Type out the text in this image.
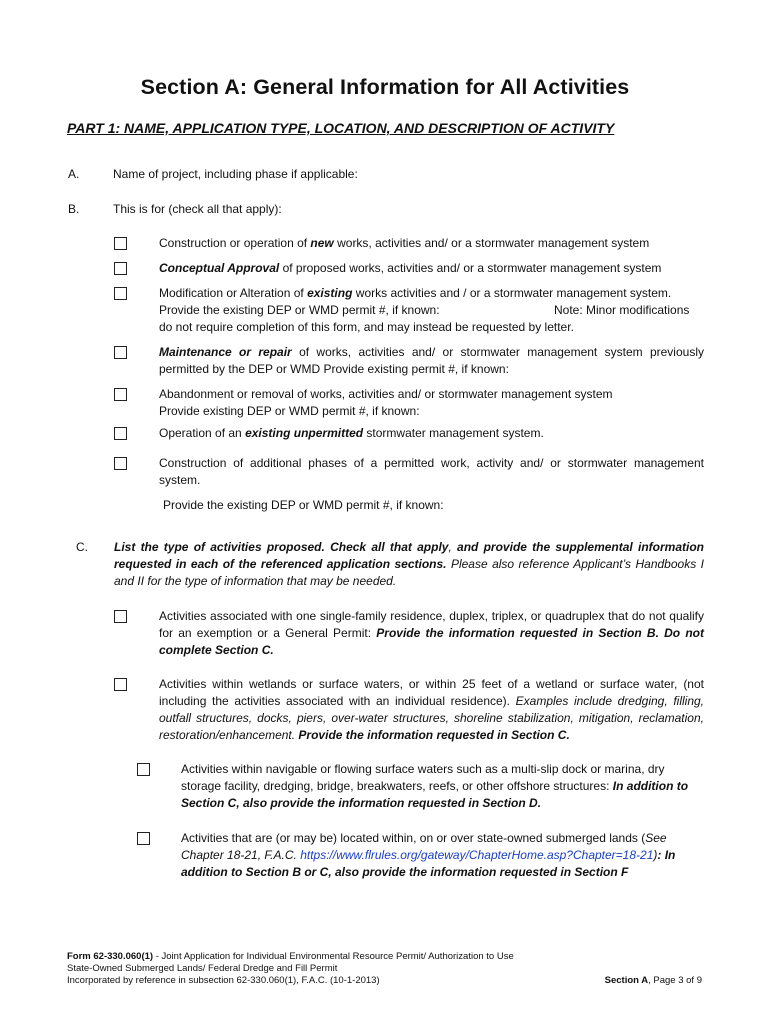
Section A: General Information for All Activities
PART 1: NAME, APPLICATION TYPE, LOCATION, AND DESCRIPTION OF ACTIVITY
A.	Name of project, including phase if applicable:
B.	This is for (check all that apply):
Construction or operation of new works, activities and/ or a stormwater management system
Conceptual Approval of proposed works, activities and/ or a stormwater management system
Modification or Alteration of existing works activities and / or a stormwater management system.
Provide the existing DEP or WMD permit #, if known:	Note: Minor modifications
do not require completion of this form, and may instead be requested by letter.
Maintenance or repair of works, activities and/ or stormwater management system previously
permitted by the DEP or WMD Provide existing permit #, if known:
Abandonment or removal of works, activities and/ or stormwater management system
Provide existing DEP or WMD permit #, if known:
Operation of an existing unpermitted stormwater management system.
Construction of additional phases of a permitted work, activity and/ or stormwater management
system.
Provide the existing DEP or WMD permit #, if known:
C. List the type of activities proposed. Check all that apply, and provide the supplemental information requested in each of the referenced application sections. Please also reference Applicant’s Handbooks I and II for the type of information that may be needed.
Activities associated with one single-family residence, duplex, triplex, or quadruplex that do not qualify for an exemption or a General Permit: Provide the information requested in Section B. Do not complete Section C.
Activities within wetlands or surface waters, or within 25 feet of a wetland or surface water, (not including the activities associated with an individual residence). Examples include dredging, filling, outfall structures, docks, piers, over-water structures, shoreline stabilization, mitigation, reclamation, restoration/enhancement. Provide the information requested in Section C.
Activities within navigable or flowing surface waters such as a multi-slip dock or marina, dry storage facility, dredging, bridge, breakwaters, reefs, or other offshore structures: In addition to Section C, also provide the information requested in Section D.
Activities that are (or may be) located within, on or over state-owned submerged lands (See Chapter 18-21, F.A.C. https://www.flrules.org/gateway/ChapterHome.asp?Chapter=18-21): In addition to Section B or C, also provide the information requested in Section F
Form 62-330.060(1) - Joint Application for Individual Environmental Resource Permit/ Authorization to Use
State-Owned Submerged Lands/ Federal Dredge and Fill Permit
Incorporated by reference in subsection 62-330.060(1), F.A.C. (10-1-2013)	Section A, Page 3 of 9
